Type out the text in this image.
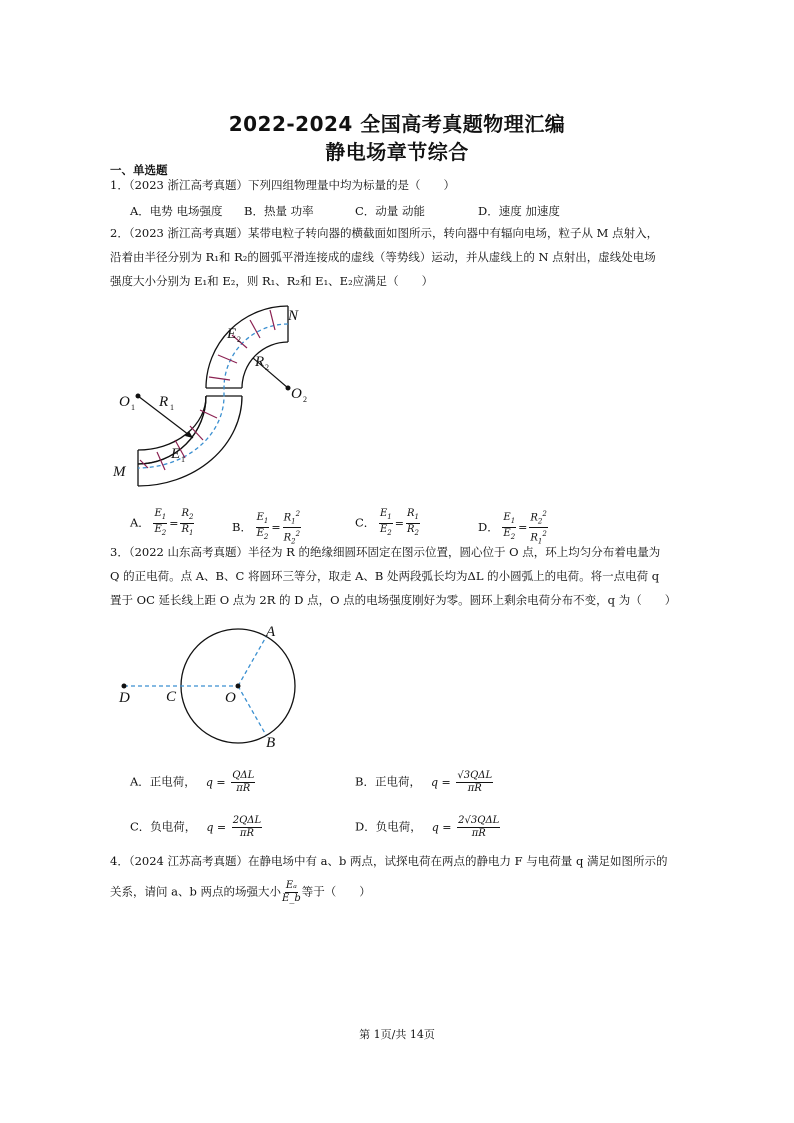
2022-2024 全国高考真题物理汇编
静电场章节综合
一、单选题
1．（2023 浙江高考真题）下列四组物理量中均为标量的是（　　）
A．电势 电场强度 B．热量 功率	C．动量 动能	D．速度 加速度
2．（2023 浙江高考真题）某带电粒子转向器的横截面如图所示，转向器中有辐向电场，粒子从 M 点射入，
沿着由半径分别为 R₁和 R₂的圆弧平滑连接成的虚线（等势线）运动，并从虚线上的 N 点射出，虚线处电场
强度大小分别为 E₁和 E₂，则 R₁、R₂和 E₁、E₂应满足（　　）
N
M
O 1
O 2
R 1
R 2
E 1
E 2
A． $\frac{E_1}{E_2} = \frac{R_2}{R_1}$	B． $\frac{E_1}{E_2} = \frac{R_1^2}{R_2^2}$	C． $\frac{E_1}{E_2} = \frac{R_1}{R_2}$	D． $\frac{E_1}{E_2} = \frac{R_2^2}{R_1^2}$
3．（2022 山东高考真题）半径为 R 的绝缘细圆环固定在图示位置，圆心位于 O 点，环上均匀分布着电量为
Q 的正电荷。点 A、B、C 将圆环三等分，取走 A、B 处两段弧长均为ΔL 的小圆弧上的电荷。将一点电荷 q
置于 OC 延长线上距 O 点为 2R 的 D 点，O 点的电场强度刚好为零。圆环上剩余电荷分布不变，q 为（　　）
A
B
C
D	O
A．正电荷， $q = \frac{\text{QΔL}}{\pi R}$	B．正电荷， $q = \frac{\text{√3QΔL}}{\pi R}$
C．负电荷， $q = \frac{\text{2QΔL}}{\pi R}$	D．负电荷， $q = \frac{\text{2√3QΔL}}{\pi R}$
4．（2024 江苏高考真题）在静电场中有 a、b 两点，试探电荷在两点的静电力 F 与电荷量 q 满足如图所示的
关系，请问 a、b 两点的场强大小 $\frac{\text{Eₐ}}{E\_b}$ 等于（　　）
第 1页/共 14页
